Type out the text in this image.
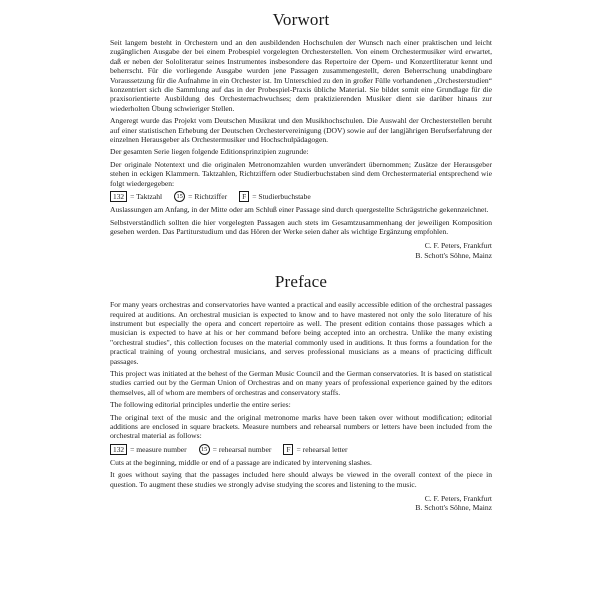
Vorwort

Seit langem besteht in Orchestern und an den ausbildenden Hochschulen der Wunsch nach einer praktischen und leicht zugänglichen Ausgabe der bei einem Probespiel vorgelegten Orchesterstellen. Von einem Orchestermusiker wird erwartet, daß er neben der Sololiteratur seines Instrumentes insbesondere das Repertoire der Opern- und Konzertliteratur kennt und beherrscht. Für die vorliegende Ausgabe wurden jene Passagen zusammengestellt, deren Beherrschung unabdingbare Voraussetzung für die Aufnahme in ein Orchester ist. Im Unterschied zu den in großer Fülle vorhandenen „Orchesterstudien“ konzentriert sich die Sammlung auf das in der Probespiel-Praxis übliche Material. Sie bildet somit eine Grundlage für die praxisorientierte Ausbildung des Orchesternachwuchses; dem praktizierenden Musiker dient sie darüber hinaus zur wiederholten Übung schwieriger Stellen.

Angeregt wurde das Projekt vom Deutschen Musikrat und den Musikhochschulen. Die Auswahl der Orchesterstellen beruht auf einer statistischen Erhebung der Deutschen Orchestervereinigung (DOV) sowie auf der langjährigen Berufserfahrung der einzelnen Herausgeber als Orchestermusiker und Hochschulpädagogen.

Der gesamten Serie liegen folgende Editionsprinzipien zugrunde:

Der originale Notentext und die originalen Metronomzahlen wurden unverändert übernommen; Zusätze der Herausgeber stehen in eckigen Klammern. Taktzahlen, Richtziffern oder Studierbuchstaben sind dem Orchestermaterial entsprechend wie folgt wiedergegeben:

132 = Taktzahl	15 = Richtziffer	F = Studierbuchstabe

Auslassungen am Anfang, in der Mitte oder am Schluß einer Passage sind durch quergestellte Schrägstriche gekennzeichnet.

Selbstverständlich sollten die hier vorgelegten Passagen auch stets im Gesamtzusammenhang der jeweiligen Komposition gesehen werden. Das Partiturstudium und das Hören der Werke seien daher als wichtige Ergänzung empfohlen.

C. F. Peters, Frankfurt
B. Schott's Söhne, Mainz
Preface

For many years orchestras and conservatories have wanted a practical and easily accessible edition of the orchestral passages required at auditions. An orchestral musician is expected to know and to have mastered not only the solo literature of his instrument but especially the opera and concert repertoire as well. The present edition contains those passages which a musician is expected to have at his or her command before being accepted into an orchestra. Unlike the many existing "orchestral studies", this collection focuses on the material commonly used in auditions. It thus forms a foundation for the practical training of young orchestral musicians, and serves professional musicians as a means of practicing difficult passages.

This project was initiated at the behest of the German Music Council and the German conservatories. It is based on statistical studies carried out by the German Union of Orchestras and on many years of professional experience gained by the editors themselves, all of whom are members of orchestras and conservatory staffs.

The following editorial principles underlie the entire series:

The original text of the music and the original metronome marks have been taken over without modification; editorial additions are enclosed in square brackets. Measure numbers and rehearsal numbers or letters have been included from the orchestral material as follows:

132 = measure number	15 = rehearsal number	F = rehearsal letter

Cuts at the beginning, middle or end of a passage are indicated by intervening slashes.

It goes without saying that the passages included here should always be viewed in the overall context of the piece in question. To augment these studies we strongly advise studying the scores and listening to the music.

C. F. Peters, Frankfurt
B. Schott's Söhne, Mainz
